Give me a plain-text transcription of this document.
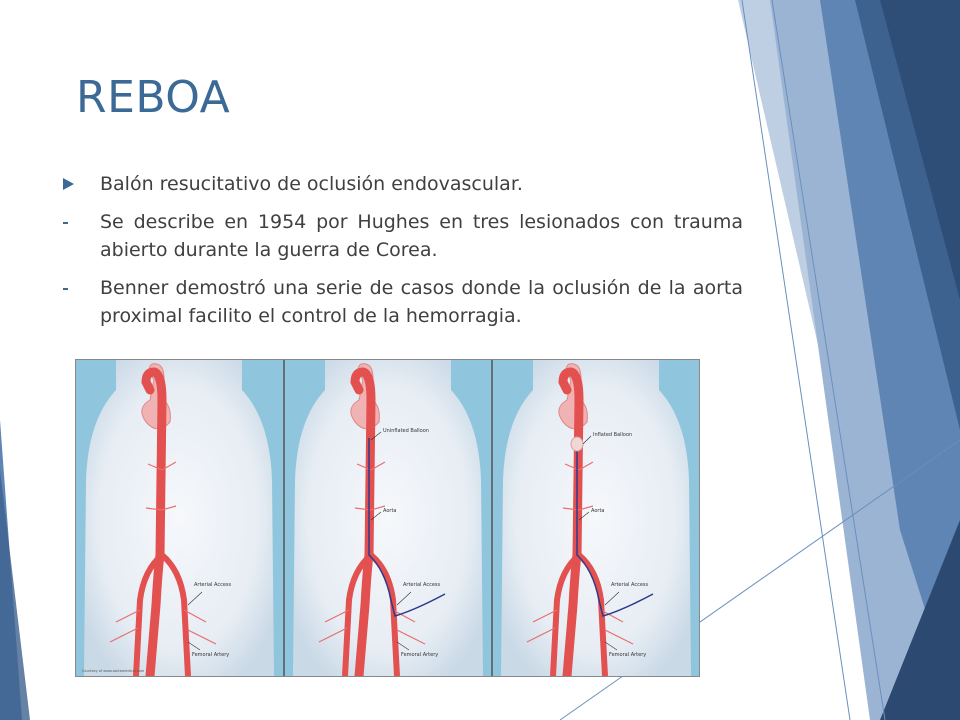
REBOA
Balón resucitativo de oclusión endovascular.
Se describe en 1954 por Hughes en tres lesionados con trauma abierto durante la guerra de Corea.
Benner demostró una serie de casos donde la oclusión de la aorta proximal facilito el control de la hemorragia.
Arterial Access
Femoral Artery
Courtesy of www.aortamedical.com
Uninflated Balloon
Aorta
Arterial Access
Femoral Artery
Inflated Balloon
Aorta
Arterial Access
Femoral Artery
